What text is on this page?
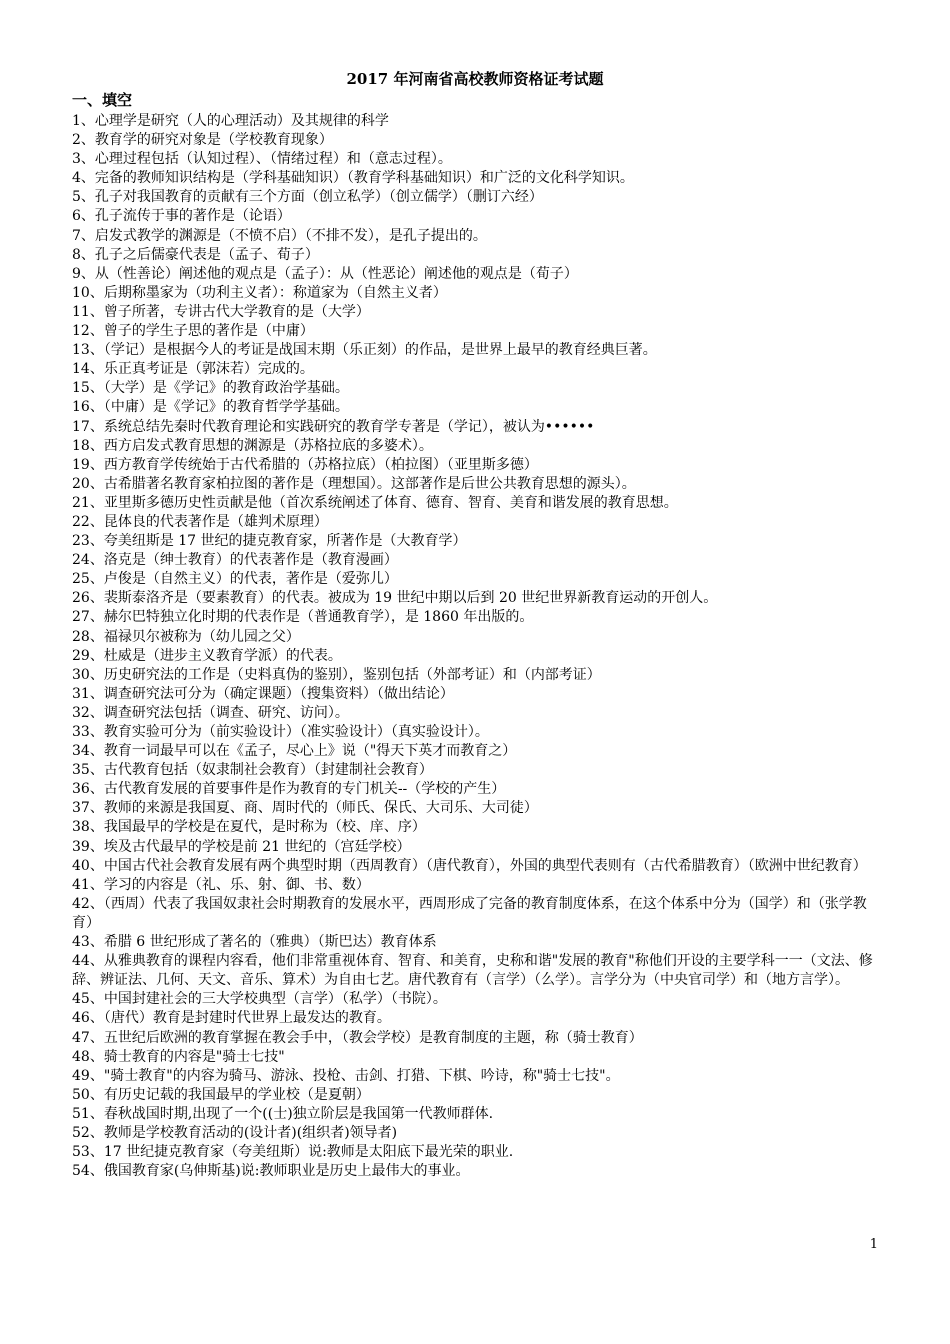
2017 年河南省高校教师资格证考试题
一、填空

1、心理学是研究（人的心理活动）及其规律的科学

2、教育学的研究对象是（学校教育现象）

3、心理过程包括（认知过程）、（情绪过程）和（意志过程）。

4、完备的教师知识结构是（学科基础知识）（教育学科基础知识）和广泛的文化科学知识。

5、孔子对我国教育的贡献有三个方面（创立私学）（创立儒学）（删订六经）

6、孔子流传于事的著作是（论语）

7、启发式教学的渊源是（不愤不启）（不排不发），是孔子提出的。

8、孔子之后儒豪代表是（孟子、荀子）

9、从（性善论）阐述他的观点是（孟子）：从（性恶论）阐述他的观点是（荀子）

10、后期称墨家为（功利主义者）：称道家为（自然主义者）

11、曾子所著，专讲古代大学教育的是（大学）

12、曾子的学生子思的著作是（中庸）

13、（学记）是根据今人的考证是战国末期（乐正刻）的作品，是世界上最早的教育经典巨著。

14、乐正真考证是（郭沫若）完成的。

15、（大学）是《学记》的教育政治学基础。

16、（中庸）是《学记》的教育哲学学基础。

17、系统总结先秦时代教育理论和实践研究的教育学专著是（学记），被认为••••••

18、西方启发式教育思想的渊源是（苏格拉底的多婆术）。

19、西方教育学传统始于古代希腊的（苏格拉底）（柏拉图）（亚里斯多德）

20、古希腊著名教育家柏拉图的著作是（理想国）。这部著作是后世公共教育思想的源头）。

21、亚里斯多德历史性贡献是他（首次系统阐述了体育、德育、智育、美育和谐发展的教育思想。

22、昆体良的代表著作是（雄判术原理）

23、夸美纽斯是 17 世纪的捷克教育家，所著作是（大教育学）

24、洛克是（绅士教育）的代表著作是（教育漫画）

25、卢俊是（自然主义）的代表，著作是（爱弥儿）

26、裴斯泰洛齐是（要素教育）的代表。被成为 19 世纪中期以后到 20 世纪世界新教育运动的开创人。

27、赫尔巴特独立化时期的代表作是（普通教育学），是 1860 年出版的。

28、福禄贝尔被称为（幼儿园之父）

29、杜威是（进步主义教育学派）的代表。

30、历史研究法的工作是（史料真伪的鉴别），鉴别包括（外部考证）和（内部考证）

31、调查研究法可分为（确定课题）（搜集资料）（做出结论）

32、调查研究法包括（调查、研究、访问）。

33、教育实验可分为（前实验设计）（准实验设计）（真实验设计）。

34、教育一词最早可以在《孟子，尽心上》说（"得天下英才而教育之）

35、古代教育包括（奴隶制社会教育）（封建制社会教育）

36、古代教育发展的首要事件是作为教育的专门机关--（学校的产生）

37、教师的来源是我国夏、商、周时代的（师氏、保氏、大司乐、大司徒）

38、我国最早的学校是在夏代，是时称为（校、庠、序）

39、埃及古代最早的学校是前 21 世纪的（宫廷学校）

40、中国古代社会教育发展有两个典型时期（西周教育）（唐代教育），外国的典型代表则有（古代希腊教育）（欧洲中世纪教育）

41、学习的内容是（礼、乐、射、御、书、数）

42、（西周）代表了我国奴隶社会时期教育的发展水平，西周形成了完备的教育制度体系，在这个体系中分为（国学）和（张学教育）

43、希腊 6 世纪形成了著名的（雅典）（斯巴达）教育体系

44、从雅典教育的课程内容看，他们非常重视体育、智育、和美育，史称和谐"发展的教育"称他们开设的主要学科一一（文法、修辞、辨证法、几何、天文、音乐、算术）为自由七艺。唐代教育有（言学）（么学）。言学分为（中央官司学）和（地方言学）。

45、中国封建社会的三大学校典型（言学）（私学）（书院）。

46、（唐代）教育是封建时代世界上最发达的教育。

47、五世纪后欧洲的教育掌握在教会手中，（教会学校）是教育制度的主题，称（骑士教育）

48、骑士教育的内容是"骑士七技"

49、"骑士教育"的内容为骑马、游泳、投枪、击剑、打猎、下棋、吟诗，称"骑士七技"。

50、有历史记载的我国最早的学业校（是夏朝）

51、春秋战国时期,出现了一个((士)独立阶层是我国第一代教师群体.

52、教师是学校教育活动的(设计者)(组织者)领导者)

53、17 世纪捷克教育家（夸美纽斯）说:教师是太阳底下最光荣的职业.

54、俄国教育家(乌伸斯基)说:教师职业是历史上最伟大的事业。

1
